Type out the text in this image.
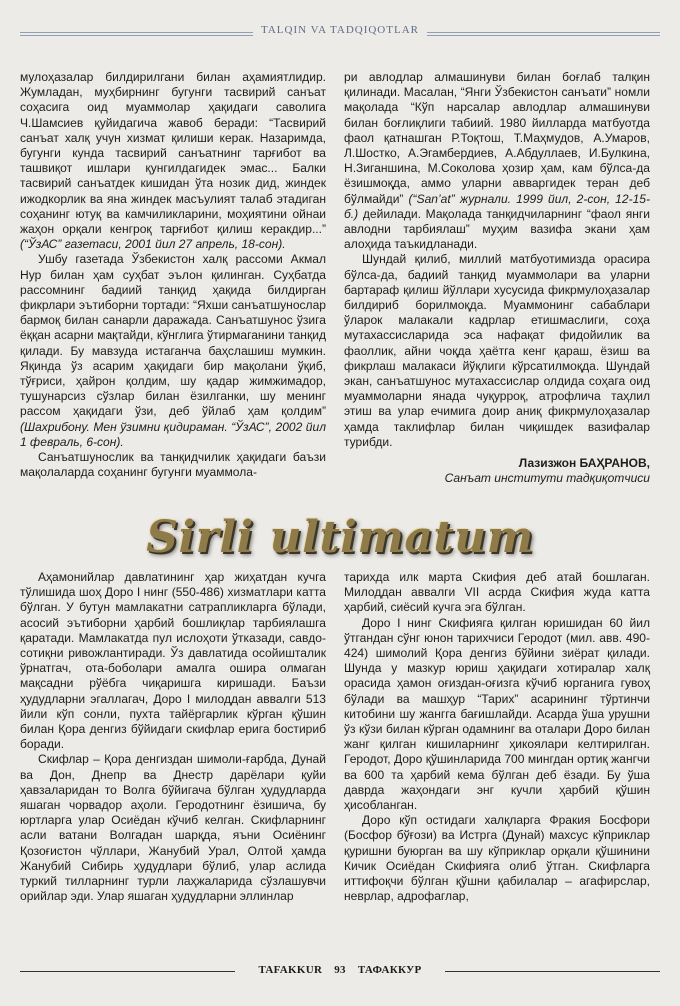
TALQIN VA TADQIQOTLAR

мулоҳазалар билдирилгани билан аҳамиятлидир. Жумладан, муҳбирнинг бугунги тасвирий санъат соҳасига оид муаммолар ҳақидаги саволига Ч.Шамсиев қуйидагича жавоб беради: “Тасвирий санъат халқ учун хизмат қилиши керак. Назаримда, бугунги кунда тасвирий санъатнинг тарғибот ва ташвиқот ишлари қунгилдагидек эмас... Балки тасвирий санъатдек кишидан ўта нозик дид, жиндек ижодкорлик ва яна жиндек масъулият талаб этадиган соҳанинг ютуқ ва камчиликларини, моҳиятини ойнаи жаҳон орқали кенгроқ тарғибот қилиш керакдир...” (“ЎзАС” газетаси, 2001 йил 27 апрель, 18-сон).

Ушбу газетада Ўзбекистон халқ рассоми Акмал Нур билан ҳам суҳбат эълон қилинган. Суҳбатда рассомнинг бадиий танқид ҳақида билдирган фикрлари эътиборни тортади: “Яхши санъатшунослар бармоқ билан санарли даражада. Санъатшунос ўзига ёққан асарни мақтайди, кўнглига ўтирмаганини танқид қилади. Бу мавзуда истаганча баҳслашиш мумкин. Яқинда ўз асарим ҳақидаги бир мақолани ўқиб, тўғриси, ҳайрон қолдим, шу қадар жимжимадор, тушунарсиз сўзлар билан ёзилганки, шу менинг рассом ҳақидаги ўзи, деб ўйлаб ҳам қолдим” (Шахрибону. Мен ўзимни қидираман. “ЎзАС”, 2002 йил 1 февраль, 6-сон).

Санъатшунослик ва танқидчилик ҳақидаги баъзи мақолаларда соҳанинг бугунги муаммола-

ри авлодлар алмашинуви билан боғлаб талқин қилинади. Масалан, “Янги Ўзбекистон санъати” номли мақолада “Кўп нарсалар авлодлар алмашинуви билан боғлиқлиги табиий. 1980 йилларда матбуотда фаол қатнашган Р.Тоқтош, Т.Маҳмудов, А.Умаров, Л.Шостко, А.Эгамбердиев, А.Абдуллаев, И.Булкина, Н.Зиганшина, М.Соколова ҳозир ҳам, кам бўлса-да ёзишмоқда, аммо уларни авваргидек теран деб бўлмайди” (“San’at” журнали. 1999 йил, 2-сон, 12-15-б.) дейилади. Мақолада танқидчиларнинг “фаол янги авлодни тарбиялаш” муҳим вазифа экани ҳам алоҳида таъкидланади.

Шундай қилиб, миллий матбуотимизда орасира бўлса-да, бадиий танқид муаммолари ва уларни бартараф қилиш йўллари хусусида фикрмулоҳазалар билдириб борилмоқда. Муаммонинг сабаблари ўларок малакали кадрлар етишмаслиги, соҳа мутахассисларида эса нафақат фидойилик ва фаоллик, айни чоқда ҳаётга кенг қараш, ёзиш ва фикрлаш малакаси йўқлиги кўрсатилмоқда. Шундай экан, санъатшунос мутахассислар олдида соҳага оид муаммоларни янада чуқурроқ, атрофлича таҳлил этиш ва улар ечимига доир аниқ фикрмулоҳазалар ҳамда таклифлар билан чиқишдек вазифалар турибди.

Лазизжон БАҲРАНОВ,
Санъат институти тадқиқотчиси
Sirli ultimatum

Аҳамонийлар давлатининг ҳар жиҳатдан кучга тўлишида шоҳ Доро I нинг (550-486) хизматлари катта бўлган. У бутун мамлакатни сатрапликларга бўлади, асосий эътиборни ҳарбий бошлиқлар тарбиялашга қаратади. Мамлакатда пул ислоҳоти ўтказади, савдо-сотиқни ривожлантиради. Ўз давлатида осойишталик ўрнатгач, ота-боболари амалга ошира олмаган мақсадни рўёбга чиқаришга киришади. Баъзи ҳудудларни эгаллагач, Доро I милоддан аввалги 513 йили кўп сонли, пухта тайёргарлик кўрган қўшин билан Қора денгиз бўйидаги скифлар ерига бостириб боради.

Скифлар – Қора денгиздан шимоли-ғарбда, Дунай ва Дон, Днепр ва Днестр дарёлари қуйи ҳавзаларидан то Волга бўйигача бўлган ҳудудларда яшаган чорвадор аҳоли. Геродотнинг ёзишича, бу юртларга улар Осиёдан кўчиб келган. Скифларнинг асли ватани Волгадан шарқда, яъни Осиёнинг Қозоғистон чўллари, Жанубий Урал, Олтой ҳамда Жанубий Сибирь ҳудудлари бўлиб, улар аслида туркий тилларнинг турли лаҳжаларида сўзлашувчи орийлар эди. Улар яшаган ҳудудларни эллинлар

тарихда илк марта Скифия деб атай бошлаган. Милоддан аввалги VII асрда Скифия жуда катта ҳарбий, сиёсий кучга эга бўлган.

Доро I нинг Скифияга қилган юришидан 60 йил ўтгандан сўнг юнон тарихчиси Геродот (мил. авв. 490-424) шимолий Қора денгиз бўйини зиёрат қилади. Шунда у мазкур юриш ҳақидаги хотиралар халқ орасида ҳамон оғиздан-оғизга кўчиб юрганига гувоҳ бўлади ва машҳур “Тарих” асарининг тўртинчи китобини шу жангга бағишлайди. Асарда ўша урушни ўз кўзи билан кўрган одамнинг ва оталари Доро билан жанг қилган кишиларнинг ҳикоялари келтирилган. Геродот, Доро қўшинларида 700 мингдан ортиқ жангчи ва 600 та ҳарбий кема бўлган деб ёзади. Бу ўша даврда жаҳондаги энг кучли ҳарбий қўшин ҳисобланган.

Доро кўп остидаги халқларга Фракия Босфори (Босфор бўғози) ва Истрга (Дунай) махсус кўприклар қуришни буюрган ва шу кўприклар орқали қўшинини Кичик Осиёдан Скифияга олиб ўтган. Скифларга иттифоқчи бўлган қўшни қабилалар – агафирслар, неврлар, адрофаглар,

TAFAKKUR 93 ТАФАККУР
